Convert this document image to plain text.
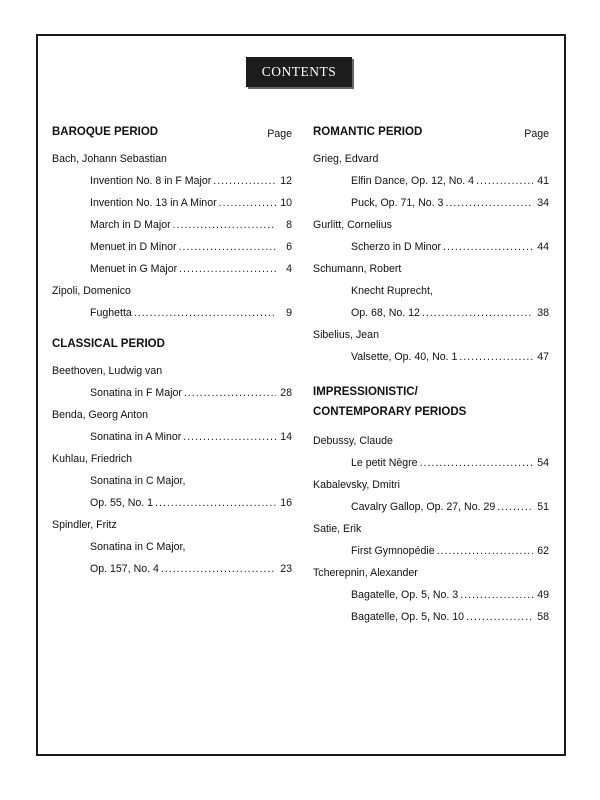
CONTENTS
BAROQUE PERIOD	Page
Bach, Johann Sebastian
Invention No. 8 in F Major .....	12
Invention No. 13 in A Minor .....	10
March in D Major .....	8
Menuet in D Minor .....	6
Menuet in G Major .....	4
Zipoli, Domenico
Fughetta .....	9
CLASSICAL PERIOD
Beethoven, Ludwig van
Sonatina in F Major .....	28
Benda, Georg Anton
Sonatina in A Minor .....	14
Kuhlau, Friedrich
Sonatina in C Major,
Op. 55, No. 1 .....	16
Spindler, Fritz
Sonatina in C Major,
Op. 157, No. 4 .....	23
ROMANTIC PERIOD	Page
Grieg, Edvard
Elfin Dance, Op. 12, No. 4 .....	41
Puck, Op. 71, No. 3 .....	34
Gurlitt, Cornelius
Scherzo in D Minor .....	44
Schumann, Robert
Knecht Ruprecht,
Op. 68, No. 12 .....	38
Sibelius, Jean
Valsette, Op. 40, No. 1 .....	47
IMPRESSIONISTIC/
CONTEMPORARY PERIODS
Debussy, Claude
Le petit Nègre .....	54
Kabalevsky, Dmitri
Cavalry Gallop, Op. 27, No. 29 .....	51
Satie, Erik
First Gymnopédie .....	62
Tcherepnin, Alexander
Bagatelle, Op. 5, No. 3 .....	49
Bagatelle, Op. 5, No. 10 .....	58
